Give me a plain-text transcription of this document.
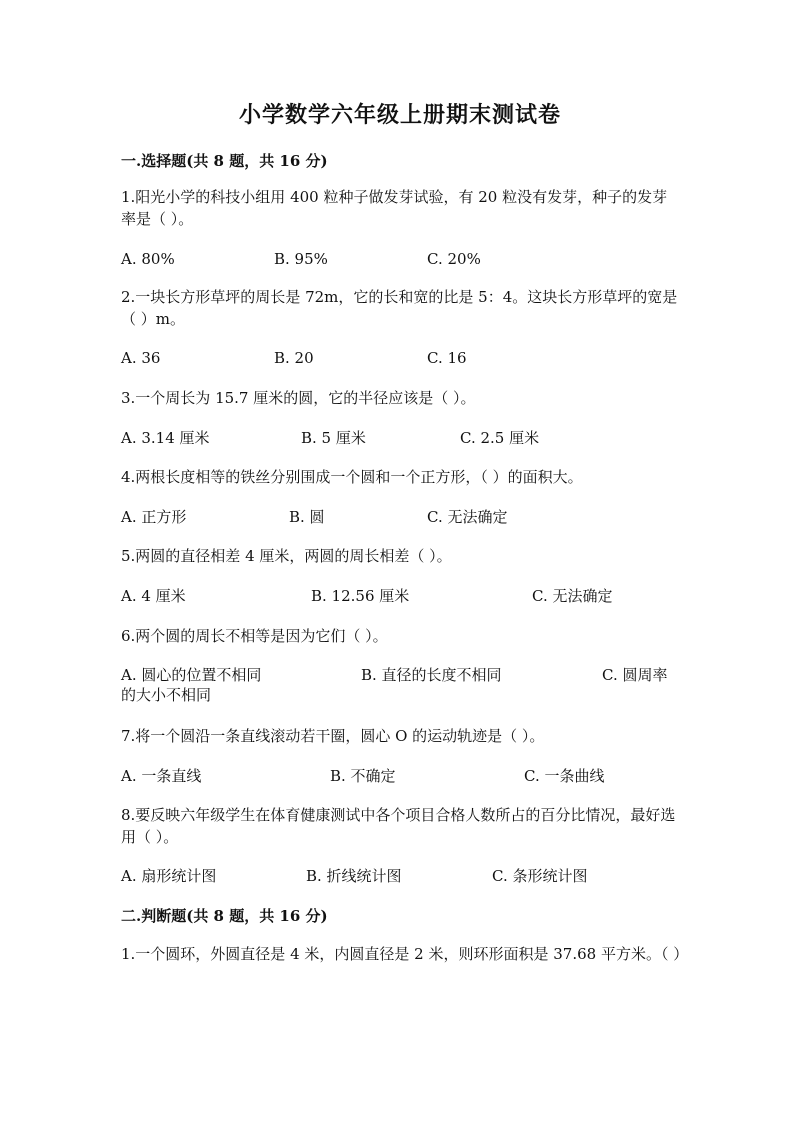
小学数学六年级上册期末测试卷
一.选择题(共 8 题，共 16 分)
1.阳光小学的科技小组用 400 粒种子做发芽试验，有 20 粒没有发芽，种子的发芽率是（ ）。
A. 80%	B. 95%	C. 20%
2.一块长方形草坪的周长是 72m，它的长和宽的比是 5：4。这块长方形草坪的宽是（ ）m。
A. 36	B. 20	C. 16
3.一个周长为 15.7 厘米的圆，它的半径应该是（ ）。
A. 3.14 厘米	B. 5 厘米	C. 2.5 厘米
4.两根长度相等的铁丝分别围成一个圆和一个正方形，（ ）的面积大。
A. 正方形	B. 圆	C. 无法确定
5.两圆的直径相差 4 厘米，两圆的周长相差（ ）。
A. 4 厘米	B. 12.56 厘米	C. 无法确定
6.两个圆的周长不相等是因为它们（ ）。
A. 圆心的位置不相同	B. 直径的长度不相同	C. 圆周率的大小不相同
7.将一个圆沿一条直线滚动若干圈，圆心 O 的运动轨迹是（ ）。
A. 一条直线	B. 不确定	C. 一条曲线
8.要反映六年级学生在体育健康测试中各个项目合格人数所占的百分比情况，最好选用（ ）。
A. 扇形统计图	B. 折线统计图	C. 条形统计图
二.判断题(共 8 题，共 16 分)
1.一个圆环，外圆直径是 4 米，内圆直径是 2 米，则环形面积是 37.68 平方米。（ ）
